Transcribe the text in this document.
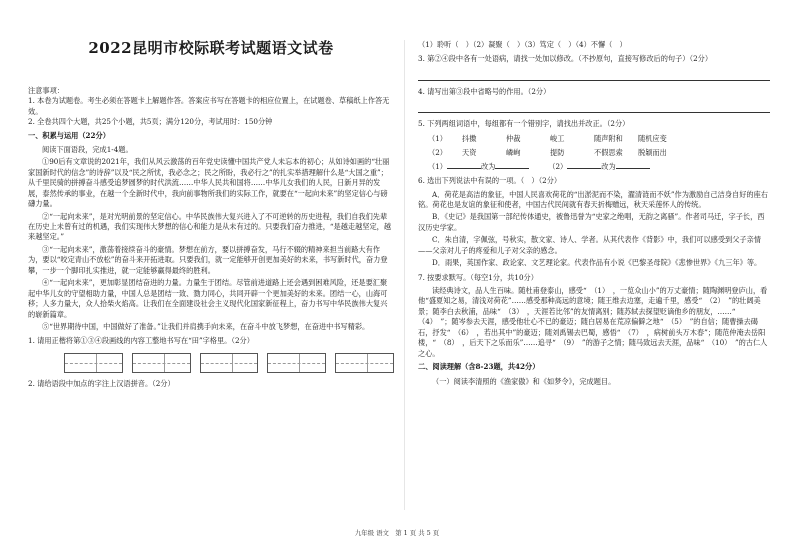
2022昆明市校际联考试题语文试卷

注意事项：

1. 本卷为试题卷。考生必须在答题卡上解题作答。答案应书写在答题卡的相应位置上，在试题卷、草稿纸上作答无效。

2. 全卷共四个大题，共25个小题，共5页；满分120分，考试用时：150分钟

一、积累与运用（22分）

阅读下面语段，完成1-4题。

①90后有文章说的2021年，我们从风云激荡的百年党史读懂中国共产党人未忘本的初心；从如诗如画的“壮丽家国新时代的信念”的诗辞”以及“民之所忧，我必念之；民之所盼，我必行之”的扎实举措理解什么是“大国之重”；从千里民骑的拼搏奋斗感受追梦圆梦的时代洪流……中华人民共和国将……中华儿女我们的人民，日新月异的发展，泰然传承的事业，在越一个全新时代中，我向前事物所我们的实际工作，就要在“一起向未来”的坚定信心与磅礴力量。

②“一起向未来”，是对光明前景的坚定信心。中华民族伟大复兴进入了不可逆转的历史进程，我们自我们先辈在历史上未曾有过的机遇，我们实现伟大梦想的信心和能力是从未有过的。只要我们奋力推进，“是越走越坚定，越来越坚定。”

③“一起向未来”，激荡着接续奋斗的豪情。梦想在前方，要以拼搏奋发，马行不辍的精神来担当前路大有作为，要以“咬定青山不放松”的奋斗来开拓进取。只要我们，就一定能够开创更加美好的未来，书写新时代，奋力登攀，一步一个脚印扎实推进，就一定能够赢得最终的胜利。

④“一起向未来”，更加彰显团结奋进的力量。力量生于团结。尽管前进道路上还会遇到困难风险，还是要汇聚起中华儿女的守望相助力量，中国人总是团结一致、勠力同心，共同开辟一个更加美好的未来。团结一心，山海可移；人多力量大，众人拾柴火焰高。让我们在全面建设社会主义现代化国家新征程上，奋力书写中华民族伟大复兴的崭新篇章。

⑤“世界期待中国，中国做好了准备。”让我们并肩携手向未来，在奋斗中放飞梦想，在奋进中书写精彩。

1. 请用正楷将第①③④段画线的内容工整地书写在“田”字格里。（2分）

2. 请给语段中加点的字注上汉语拼音。（2分）

（1）聆听（　）（2）凝聚（　）（3）笃定（　）（4）不懈（　）

3. 第②④段中各有一处语病，请找一处加以修改。（不抄原句，直接写修改后的句子）（2分）

4. 请写出第③段中省略号的作用。（2分）

5. 下列两组词语中，每组都有一个错别字，请找出并改正。（2分）

（1）	抖擞	仲裁	峻工	随声附和	随机应变
（2）	天资	嶙峋	提防	不假思索	脱颖而出

（1）	改为 　　	（2）	改为

6. 选出下列说法中有误的一项。（　）（2分）

A．荷花是高洁的象征，中国人民喜欢荷花的“出淤泥而不染，濯清涟而不妖”作为激励自己洁身自好的座右铭。荷花也是友谊的象征和使者，中国古代民间就有春天折梅赠远，秋天采莲怀人的传统。

B．《史记》是我国第一部纪传体通史，被鲁迅誉为“史家之绝唱，无韵之离骚”。作者司马迁，字子长，西汉历史学家。

C．朱自清，字佩弦，号秋实，散文家、诗人、学者。从其代表作《背影》中，我们可以感受到父子亲情——父亲对儿子的疼爱和儿子对父亲的感念。

D．雨果，英国作家、政论家、文艺理论家。代表作品有小说《巴黎圣母院》《悲惨世界》《九三年》等。

7. 按要求默写。（每空1分，共10分）

读经典诗文，品人生百味。随杜甫登泰山，感受“　（1）　，一览众山小”的万丈豪情；随陶渊明登庐山，看他“盛夏知之易，清浅对荷花”……感受那种高远的意境；随王维去边塞，走遍千里，感受“　（2）　”的壮阔美景；随李白去秋浦，品味“　（3）　，天涯若比邻”的友情离别；随苏轼去探望贬谪他乡的朋友，……“　（4）　”；随岑参去天涯，感受他壮心不已的豪迈；随白居易在荒凉偏僻之地“　（5）　”的自信；随曹操去碣石，抒发“　（6）　，若出其中”的豪迈；随刘禹锡去巴蜀，感悟“　（7）　，病树前头万木春”；随范仲淹去岳阳楼，“　（8）　，后天下之乐而乐”……追寻“　（9）　”的游子之情；随马致远去天涯，品味“　（10）　”的古仁人之心。

二、阅读理解（含8-23题，共42分）

（一）阅读李清照的《渔家傲》和《如梦令》，完成题目。

九年级 语文　第 1 页 共 5 页
